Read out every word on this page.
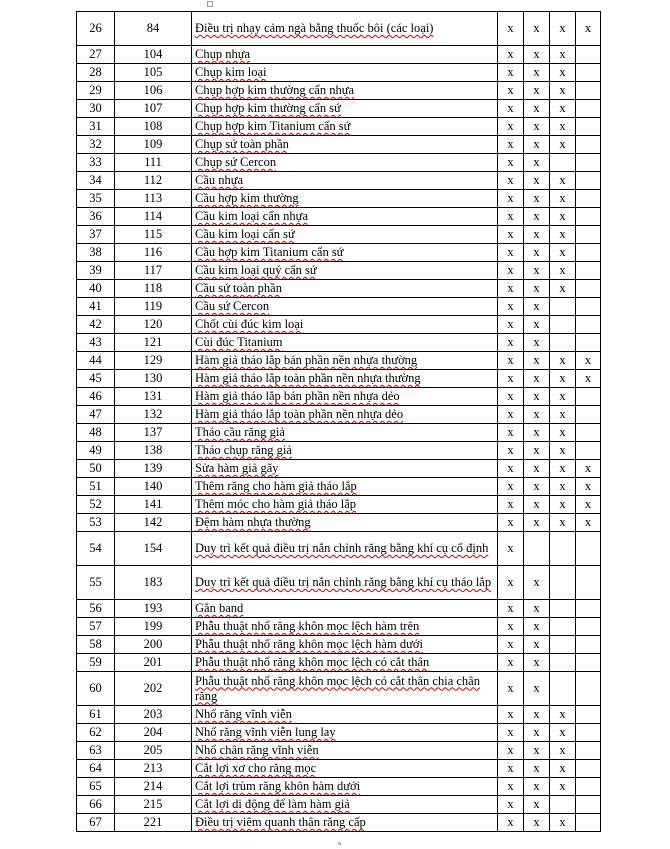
26	84	Điều trị nhạy cảm ngà bằng thuốc bôi (các loại)	x	x	x	x
27	104	Chụp nhựa	x	x	x	
28	105	Chụp kim loại	x	x	x	
29	106	Chụp hợp kim thường cẩn nhựa	x	x	x	
30	107	Chụp hợp kim thường cẩn sứ	x	x	x	
31	108	Chụp hợp kim Titanium cẩn sứ	x	x	x	
32	109	Chụp sứ toàn phần	x	x	x	
33	111	Chụp sứ Cercon	x	x		
34	112	Cầu nhựa	x	x	x	
35	113	Cầu hợp kim thường	x	x	x	
36	114	Cầu kim loại cẩn nhựa	x	x	x	
37	115	Cầu kim loại cẩn sứ	x	x	x	
38	116	Cầu hợp kim Titanium cẩn sứ	x	x	x	
39	117	Cầu kim loại quý cẩn sứ	x	x	x	
40	118	Cầu sứ toàn phần	x	x	x	
41	119	Cầu sứ Cercon	x	x		
42	120	Chốt cùi đúc kim loại	x	x		
43	121	Cùi đúc Titanium	x	x		
44	129	Hàm giả tháo lắp bán phần nền nhựa thường	x	x	x	x
45	130	Hàm giả tháo lắp toàn phần nền nhựa thường	x	x	x	x
46	131	Hàm giả tháo lắp bán phần nền nhựa dẻo	x	x	x	
47	132	Hàm giả tháo lắp toàn phần nền nhựa dẻo	x	x	x	
48	137	Tháo cầu răng giả	x	x	x	
49	138	Tháo chụp răng giả	x	x	x	
50	139	Sửa hàm giả gãy	x	x	x	x
51	140	Thêm răng cho hàm giả tháo lắp	x	x	x	x
52	141	Thêm móc cho hàm giả tháo lắp	x	x	x	x
53	142	Đệm hàm nhựa thường	x	x	x	x
54	154	Duy trì kết quả điều trị nắn chỉnh răng bằng khí cụ cố định	x			
55	183	Duy trì kết quả điều trị nắn chỉnh răng bằng khí cụ tháo lắp	x	x		
56	193	Gắn band	x	x		
57	199	Phẫu thuật nhổ răng khôn mọc lệch hàm trên	x	x		
58	200	Phẫu thuật nhổ răng khôn mọc lệch hàm dưới	x	x		
59	201	Phẫu thuật nhổ răng khôn mọc lệch có cắt thân	x	x		
60	202	Phẫu thuật nhổ răng khôn mọc lệch có cắt thân chia chân răng	x	x		
61	203	Nhổ răng vĩnh viễn	x	x	x	
62	204	Nhổ răng vĩnh viễn lung lay	x	x	x	
63	205	Nhổ chân răng vĩnh viễn	x	x	x	
64	213	Cắt lợi xơ cho răng mọc	x	x	x	
65	214	Cắt lợi trùm răng khôn hàm dưới	x	x	x	
66	215	Cắt lợi di động để làm hàm giả	x	x		
67	221	Điều trị viêm quanh thân răng cấp	x	x	x	
